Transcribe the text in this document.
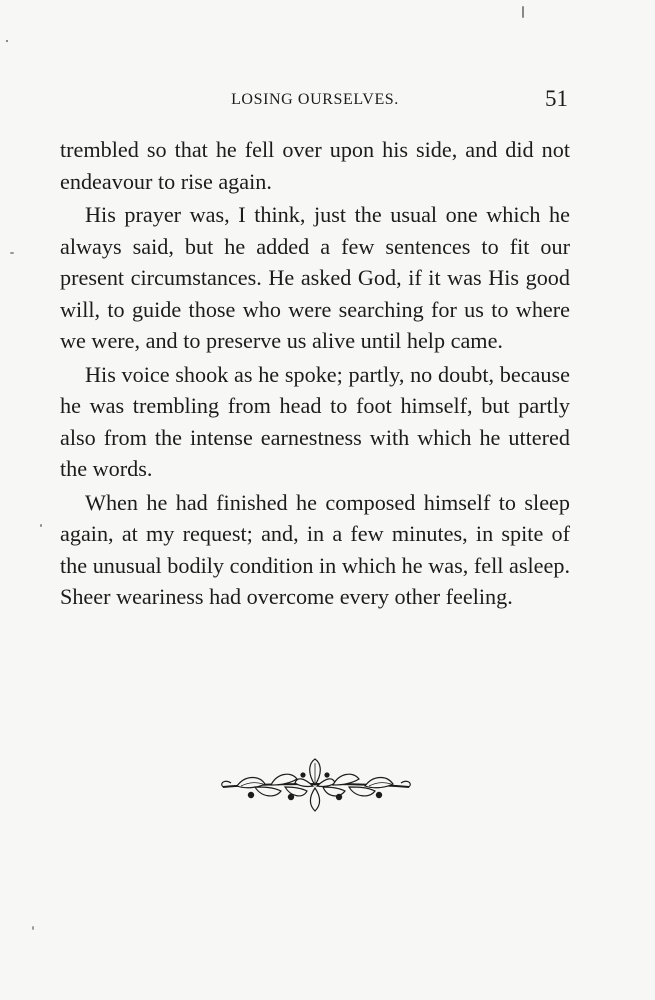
LOSING OURSELVES.	51

trembled so that he fell over upon his side, and did not endeavour to rise again.

His prayer was, I think, just the usual one which he always said, but he added a few sentences to fit our present circumstances. He asked God, if it was His good will, to guide those who were searching for us to where we were, and to preserve us alive until help came.

His voice shook as he spoke; partly, no doubt, because he was trembling from head to foot himself, but partly also from the intense earnestness with which he uttered the words.

When he had finished he composed himself to sleep again, at my request; and, in a few minutes, in spite of the unusual bodily condition in which he was, fell asleep. Sheer weariness had overcome every other feeling.
